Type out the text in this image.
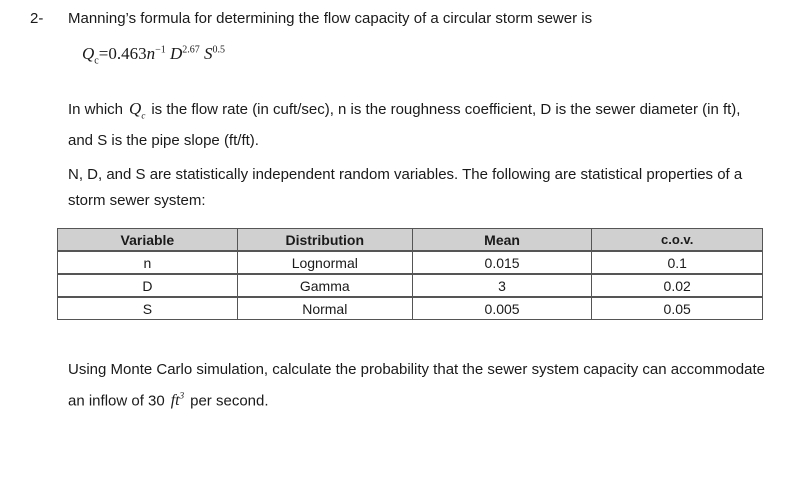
2- Manning’s formula for determining the flow capacity of a circular storm sewer is
$Q_c=0.463n^{-1}$ $D^{2.67}$ $S^{0.5}$
In which $Q_c$ is the flow rate (in cuft/sec), n is the roughness coefficient, D is the sewer diameter (in ft), and S is the pipe slope (ft/ft).
N, D, and S are statistically independent random variables. The following are statistical properties of a storm sewer system:
Variable	Distribution	Mean	c.o.v.
n	Lognormal	0.015	0.1
D	Gamma	3	0.02
S	Normal	0.005	0.05
Using Monte Carlo simulation, calculate the probability that the sewer system capacity can accommodate an inflow of 30 $ft^3$ per second.
